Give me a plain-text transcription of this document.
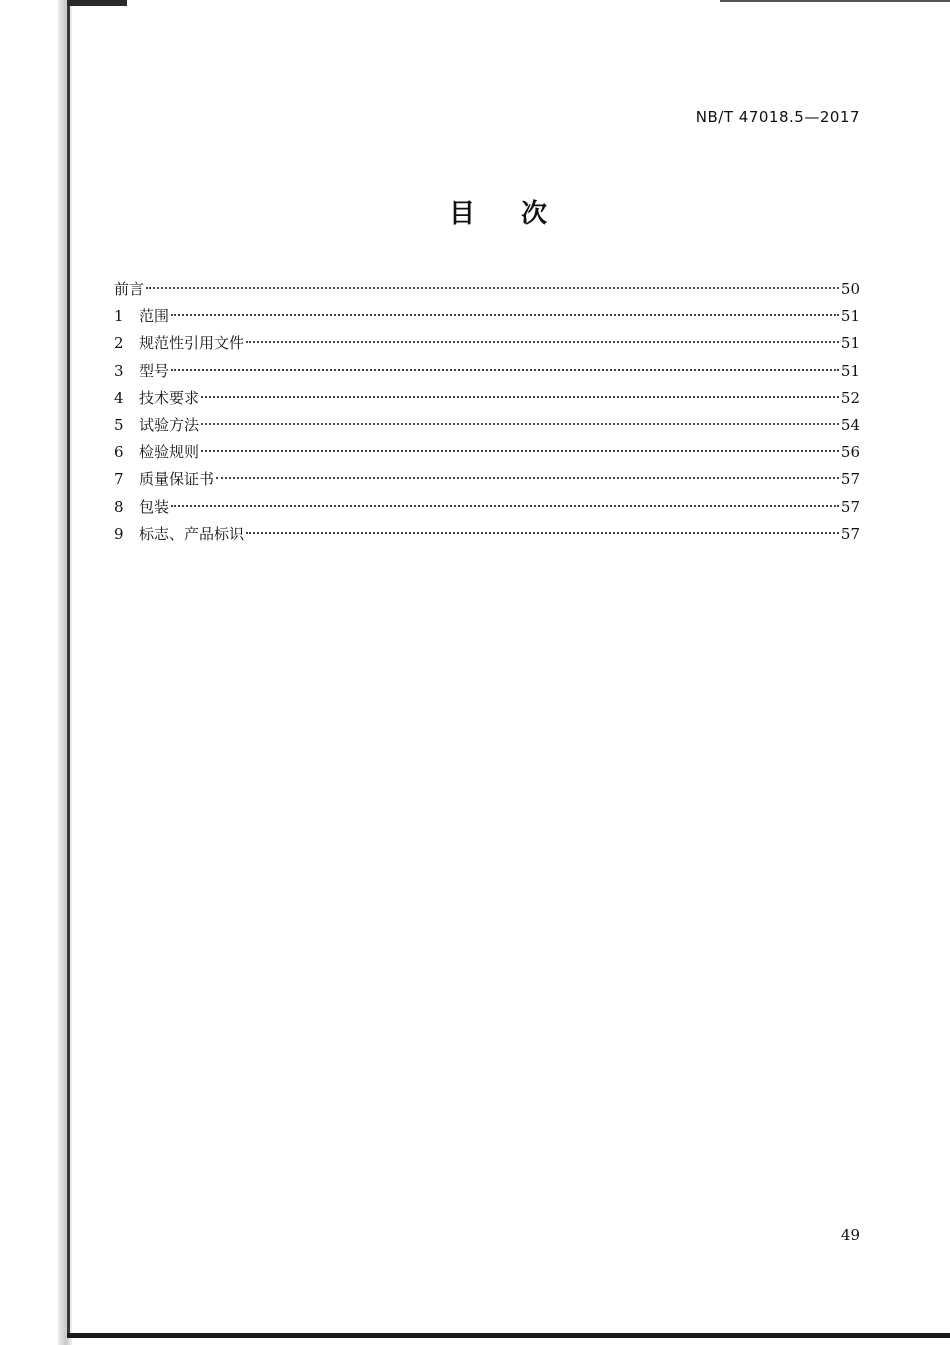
NB/T 47018.5—2017
目次
前言	50
1	范围	51
2	规范性引用文件	51
3	型号	51
4	技术要求	52
5	试验方法	54
6	检验规则	56
7	质量保证书	57
8	包装	57
9	标志、产品标识	57
49
